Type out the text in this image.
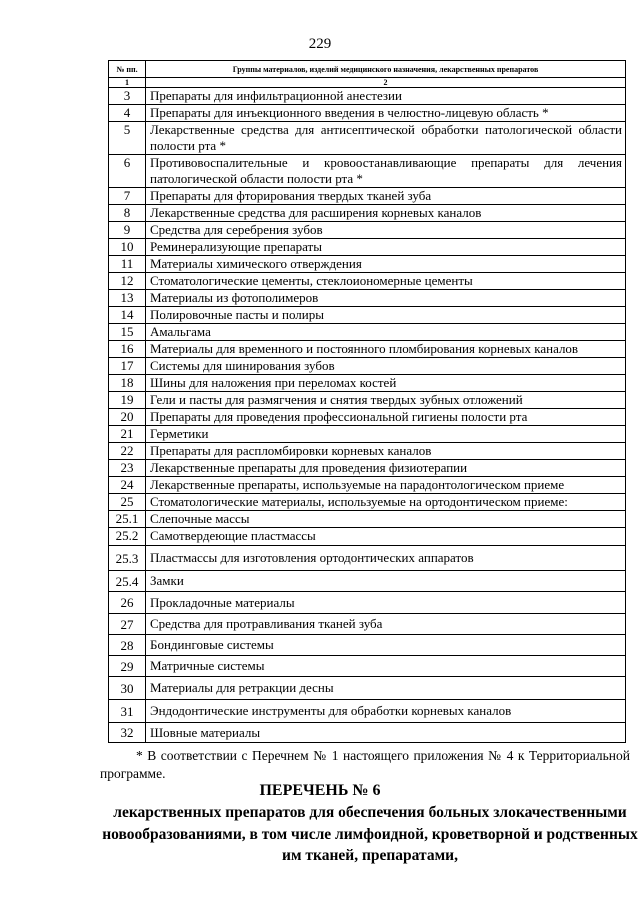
229
№ пп.	Группы материалов, изделий медицинского назначения, лекарственных препаратов
1	2
3	Препараты для инфильтрационной анестезии
4	Препараты для инъекционного введения в челюстно-лицевую область *
5	Лекарственные средства для антисептической обработки патологической области полости рта *
6	Противовоспалительные и кровоостанавливающие препараты для лечения патологической области полости рта *
7	Препараты для фторирования твердых тканей зуба
8	Лекарственные средства для расширения корневых каналов
9	Средства для серебрения зубов
10	Реминерализующие препараты
11	Материалы химического отверждения
12	Стоматологические цементы, стеклоиономерные цементы
13	Материалы из фотополимеров
14	Полировочные пасты и полиры
15	Амальгама
16	Материалы для временного и постоянного пломбирования корневых каналов
17	Системы для шинирования зубов
18	Шины для наложения при переломах костей
19	Гели и пасты для размягчения и снятия твердых зубных отложений
20	Препараты для проведения профессиональной гигиены полости рта
21	Герметики
22	Препараты для распломбировки корневых каналов
23	Лекарственные препараты для проведения физиотерапии
24	Лекарственные препараты, используемые на парадонтологическом приеме
25	Стоматологические материалы, используемые на ортодонтическом приеме:
25.1	Слепочные массы
25.2	Самотвердеющие пластмассы
25.3	Пластмассы для изготовления ортодонтических аппаратов
25.4	Замки
26	Прокладочные материалы
27	Средства для протравливания тканей зуба
28	Бондинговые системы
29	Матричные системы
30	Материалы для ретракции десны
31	Эндодонтические инструменты для обработки корневых каналов
32	Шовные материалы
* В соответствии с Перечнем № 1 настоящего приложения № 4 к Территориальной программе.
ПЕРЕЧЕНЬ № 6
лекарственных препаратов для обеспечения больных злокачественными новообразованиями, в том числе лимфоидной, кроветворной и родственных им тканей, препаратами,
